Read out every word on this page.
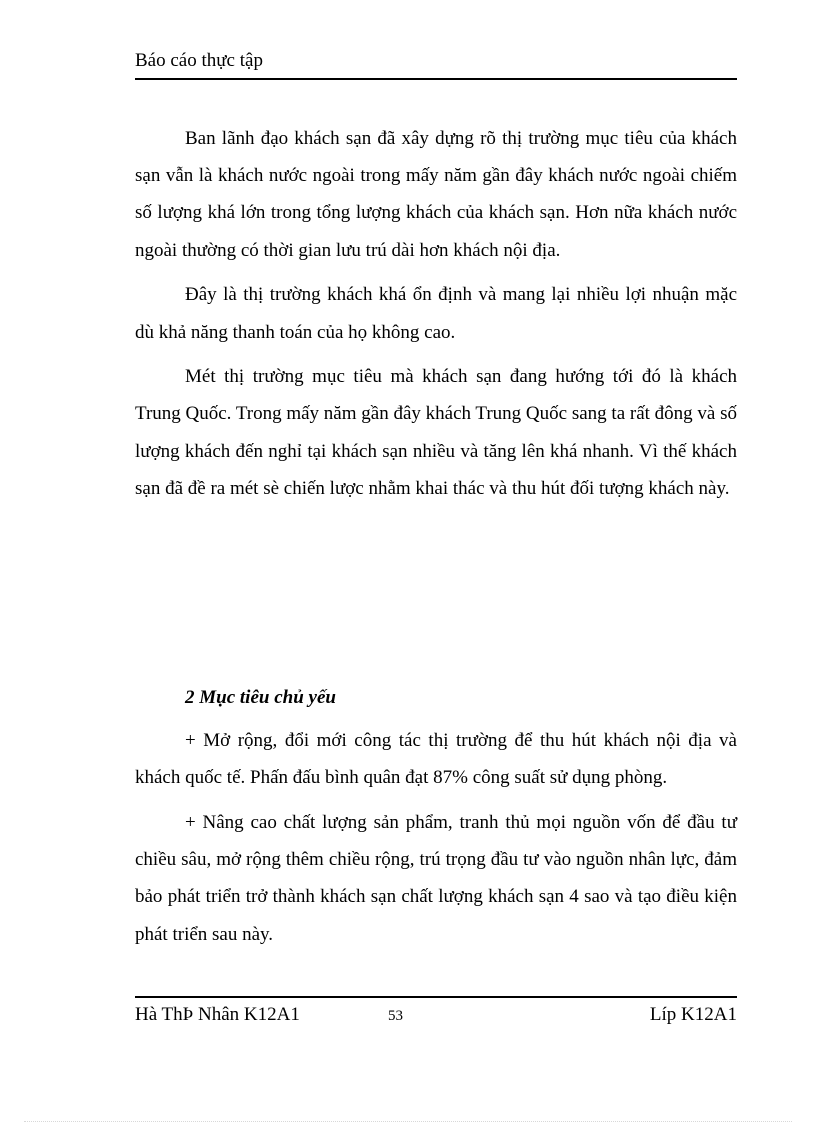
Báo cáo thực tập

Ban lãnh đạo khách sạn đã xây dựng rõ thị trường mục tiêu của khách sạn vẫn là khách nước ngoài trong mấy năm gần đây khách nước ngoài chiếm số lượng khá lớn trong tổng lượng khách của khách sạn. Hơn nữa khách nước ngoài thường có thời gian lưu trú dài hơn khách nội địa.

Đây là thị trường khách khá ổn định và mang lại nhiều lợi nhuận mặc dù khả năng thanh toán của họ không cao.

Mét thị trường mục tiêu mà khách sạn đang hướng tới đó là khách Trung Quốc. Trong mấy năm gần đây khách Trung Quốc sang ta rất đông và số lượng khách đến nghỉ tại khách sạn nhiều và tăng lên khá nhanh. Vì thế khách sạn đã đề ra mét sè chiến lược nhằm khai thác và thu hút đối tượng khách này.

2 Mục tiêu chủ yếu

+ Mở rộng, đổi mới công tác thị trường để thu hút khách nội địa và khách quốc tế. Phấn đấu bình quân đạt 87% công suất sử dụng phòng.

+ Nâng cao chất lượng sản phẩm, tranh thủ mọi nguồn vốn để đầu tư chiều sâu, mở rộng thêm chiều rộng, trú trọng đầu tư vào nguồn nhân lực, đảm bảo phát triển trở thành khách sạn chất lượng khách sạn 4 sao và tạo điều kiện phát triển sau này.

Hà ThÞ Nhân K12A1	53	Líp K12A1
